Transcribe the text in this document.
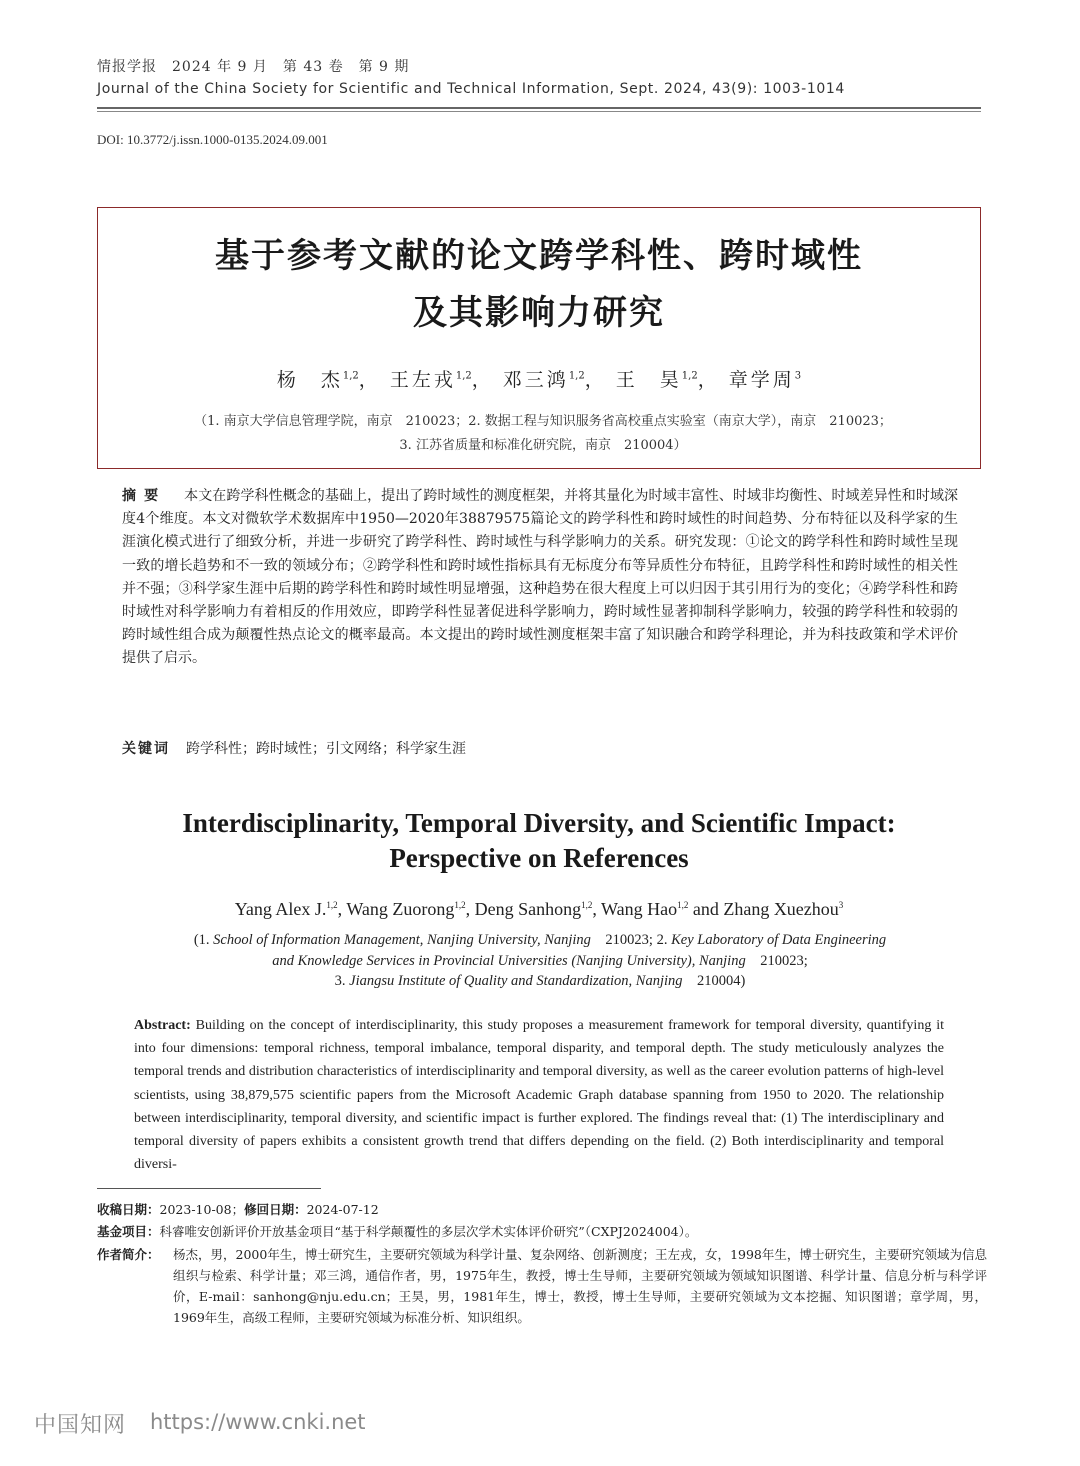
情报学报　2024 年 9 月　第 43 卷　第 9 期
Journal of the China Society for Scientific and Technical Information, Sept. 2024, 43(9): 1003-1014
DOI: 10.3772/j.issn.1000-0135.2024.09.001
基于参考文献的论文跨学科性、跨时域性
及其影响力研究
杨　杰$^{1,2}$， 王左戎$^{1,2}$， 邓三鸿$^{1,2}$， 王　昊$^{1,2}$， 章学周$^3$
（1. 南京大学信息管理学院，南京　210023；2. 数据工程与知识服务省高校重点实验室（南京大学），南京　210023；
3. 江苏省质量和标准化研究院，南京　210004）
摘要 本文在跨学科性概念的基础上，提出了跨时域性的测度框架，并将其量化为时域丰富性、时域非均衡性、时域差异性和时域深度4个维度。本文对微软学术数据库中1950—2020年38879575篇论文的跨学科性和跨时域性的时间趋势、分布特征以及科学家的生涯演化模式进行了细致分析，并进一步研究了跨学科性、跨时域性与科学影响力的关系。研究发现：①论文的跨学科性和跨时域性呈现一致的增长趋势和不一致的领域分布；②跨学科性和跨时域性指标具有无标度分布等异质性分布特征，且跨学科性和跨时域性的相关性并不强；③科学家生涯中后期的跨学科性和跨时域性明显增强，这种趋势在很大程度上可以归因于其引用行为的变化；④跨学科性和跨时域性对科学影响力有着相反的作用效应，即跨学科性显著促进科学影响力，跨时域性显著抑制科学影响力，较强的跨学科性和较弱的跨时域性组合成为颠覆性热点论文的概率最高。本文提出的跨时域性测度框架丰富了知识融合和跨学科理论，并为科技政策和学术评价提供了启示。
关键词 跨学科性；跨时域性；引文网络；科学家生涯
Interdisciplinarity, Temporal Diversity, and Scientific Impact:
Perspective on References
Yang Alex J.$^{1,2}$, Wang Zuorong$^{1,2}$, Deng Sanhong$^{1,2}$, Wang Hao$^{1,2}$ and Zhang Xuezhou$^3$
(1. School of Information Management, Nanjing University, Nanjing　210023; 2. Key Laboratory of Data Engineering
and Knowledge Services in Provincial Universities (Nanjing University), Nanjing　210023;
3. Jiangsu Institute of Quality and Standardization, Nanjing　210004)
Abstract: Building on the concept of interdisciplinarity, this study proposes a measurement framework for temporal diversity, quantifying it into four dimensions: temporal richness, temporal imbalance, temporal disparity, and temporal depth. The study meticulously analyzes the temporal trends and distribution characteristics of interdisciplinarity and temporal diversity, as well as the career evolution patterns of high-level scientists, using 38,879,575 scientific papers from the Microsoft Academic Graph database spanning from 1950 to 2020. The relationship between interdisciplinarity, temporal diversity, and scientific impact is further explored. The findings reveal that: (1) The interdisciplinary and temporal diversity of papers exhibits a consistent growth trend that differs depending on the field. (2) Both interdisciplinarity and temporal diversi-
收稿日期：2023-10-08；修回日期：2024-07-12
基金项目：科睿唯安创新评价开放基金项目“基于科学颠覆性的多层次学术实体评价研究”（CXPJ2024004）。
作者简介： 杨杰，男，2000年生，博士研究生，主要研究领域为科学计量、复杂网络、创新测度；王左戎，女，1998年生，博士研究生，主要研究领域为信息组织与检索、科学计量；邓三鸿，通信作者，男，1975年生，教授，博士生导师，主要研究领域为领域知识图谱、科学计量、信息分析与科学评价，E-mail：sanhong@nju.edu.cn；王昊，男，1981年生，博士，教授，博士生导师，主要研究领域为文本挖掘、知识图谱；章学周，男，1969年生，高级工程师，主要研究领域为标准分析、知识组织。
中国知网 https://www.cnki.net
